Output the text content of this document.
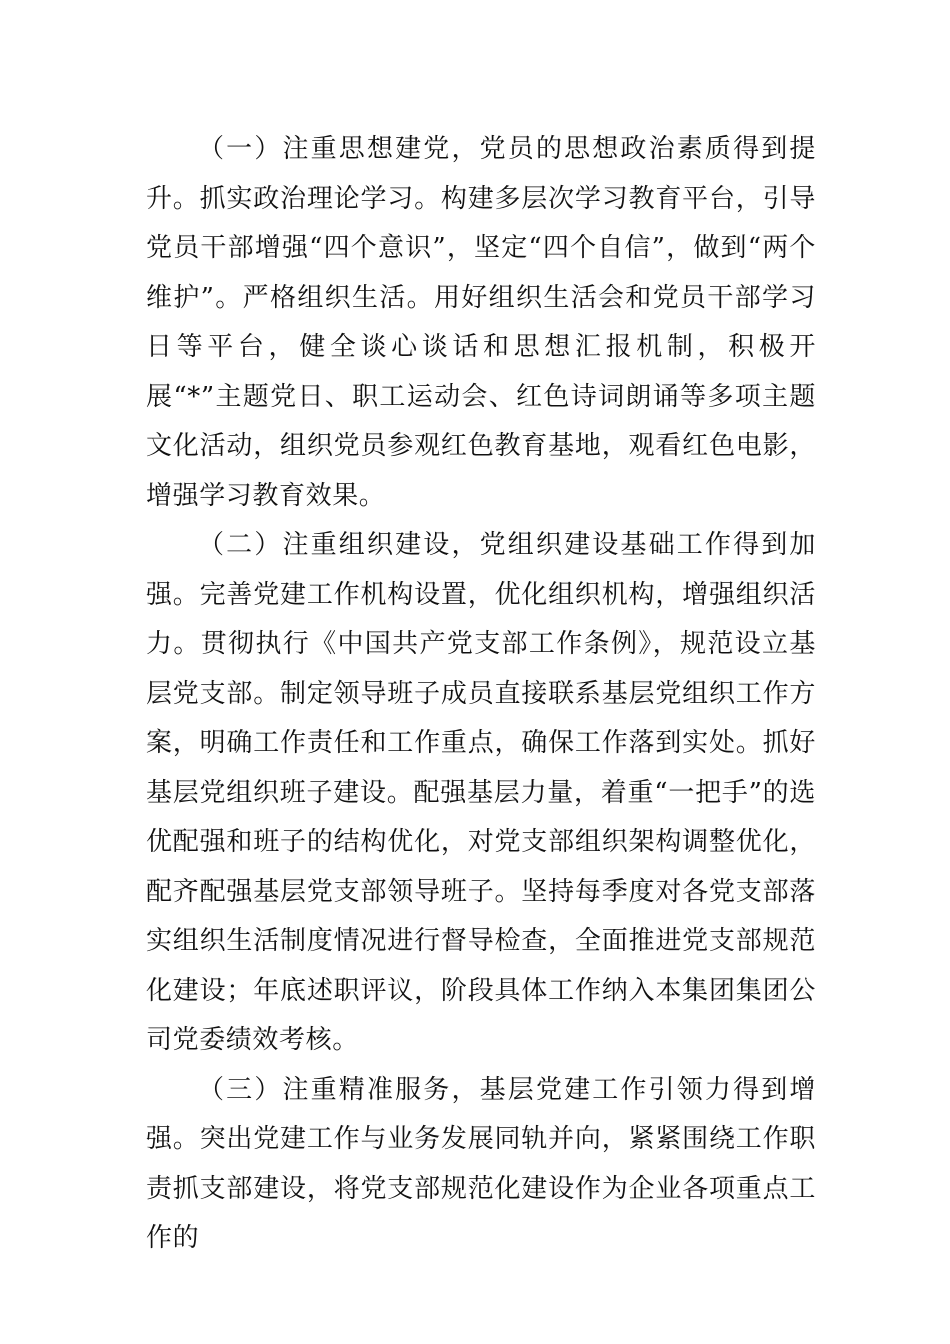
（一）注重思想建党，党员的思想政治素质得到提升。抓实政治理论学习。构建多层次学习教育平台，引导党员干部增强“四个意识”，坚定“四个自信”，做到“两个维护”。严格组织生活。用好组织生活会和党员干部学习日等平台，健全谈心谈话和思想汇报机制，积极开展“*”主题党日、职工运动会、红色诗词朗诵等多项主题文化活动，组织党员参观红色教育基地，观看红色电影，增强学习教育效果。

（二）注重组织建设，党组织建设基础工作得到加强。完善党建工作机构设置，优化组织机构，增强组织活力。贯彻执行《中国共产党支部工作条例》，规范设立基层党支部。制定领导班子成员直接联系基层党组织工作方案，明确工作责任和工作重点，确保工作落到实处。抓好基层党组织班子建设。配强基层力量，着重“一把手”的选优配强和班子的结构优化，对党支部组织架构调整优化，配齐配强基层党支部领导班子。坚持每季度对各党支部落实组织生活制度情况进行督导检查，全面推进党支部规范化建设；年底述职评议，阶段具体工作纳入本集团集团公司党委绩效考核。

（三）注重精准服务，基层党建工作引领力得到增强。突出党建工作与业务发展同轨并向，紧紧围绕工作职责抓支部建设，将党支部规范化建设作为企业各项重点工作的
